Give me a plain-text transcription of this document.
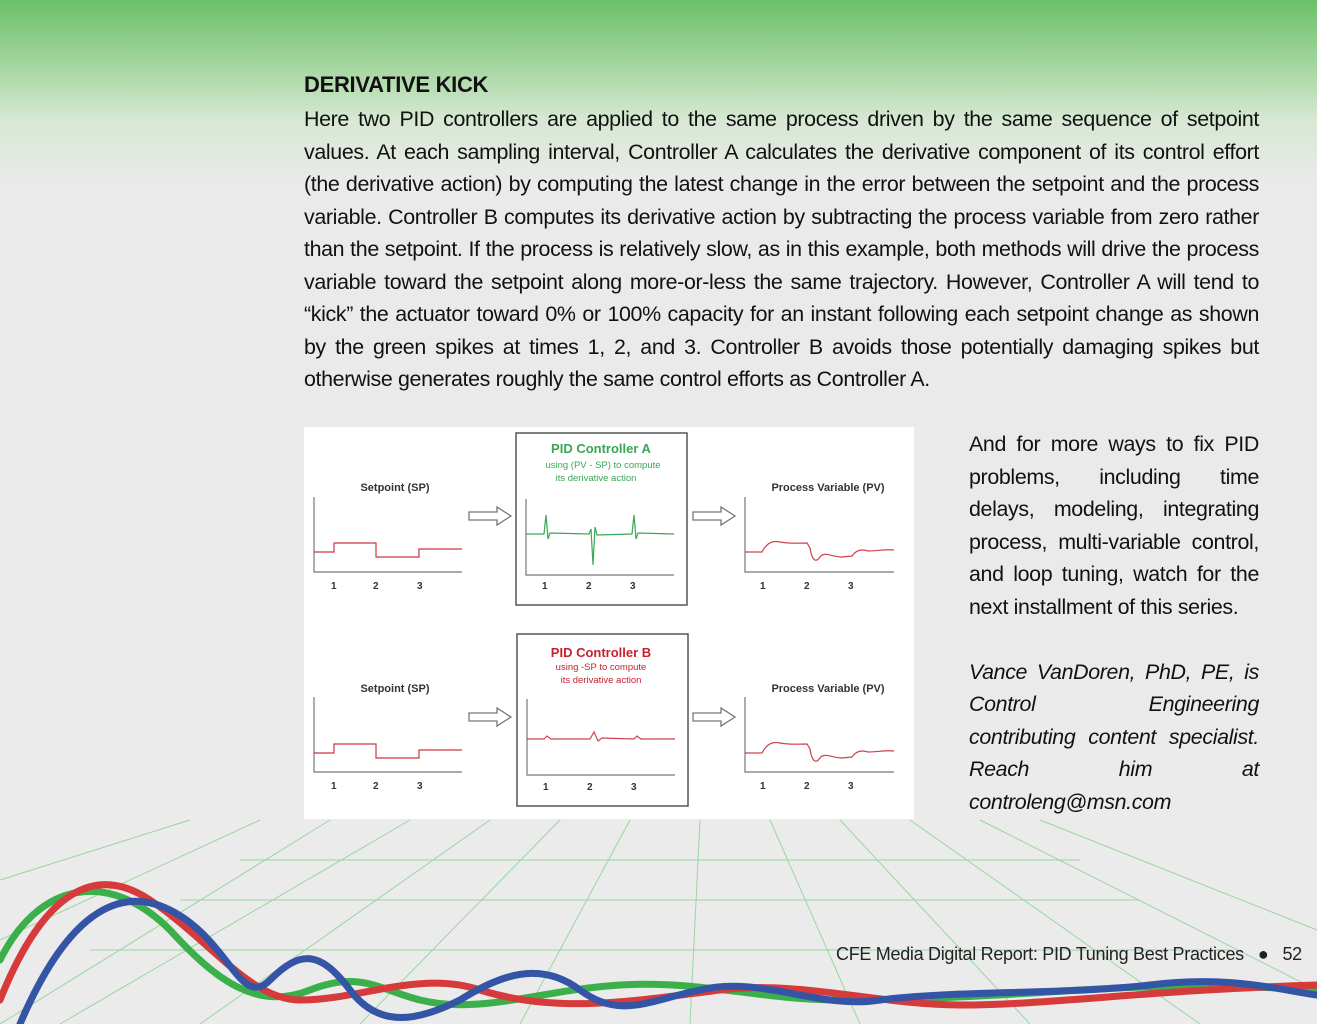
DERIVATIVE KICK
Here two PID controllers are applied to the same process driven by the same sequence of setpoint values. At each sampling interval, Controller A calculates the derivative component of its control effort (the derivative action) by computing the latest change in the error between the setpoint and the process variable. Controller B computes its derivative action by subtracting the process variable from zero rather than the setpoint. If the process is relatively slow, as in this example, both methods will drive the process variable toward the setpoint along more-or-less the same trajectory. However, Controller A will tend to “kick” the actuator toward 0% or 100% capacity for an instant following each setpoint change as shown by the green spikes at times 1, 2, and 3. Controller B avoids those potentially damaging spikes but otherwise generates roughly the same control efforts as Controller A.
Setpoint (SP)
1	2	3
PID Controller A
using (PV - SP) to compute
its derivative action
1	2	3
Process Variable (PV)
1	2	3
Setpoint (SP)
1	2	3
PID Controller B
using -SP to compute
its derivative action
1	2	3
Process Variable (PV)
1	2	3

And for more ways to fix PID problems, including time delays, modeling, integrating process, multi-variable control, and loop tuning, watch for the next installment of this series.

Vance VanDoren, PhD, PE, is Control Engineering contributing content specialist. Reach him at controleng@msn.com

CFE Media Digital Report: PID Tuning Best Practices ● 52
